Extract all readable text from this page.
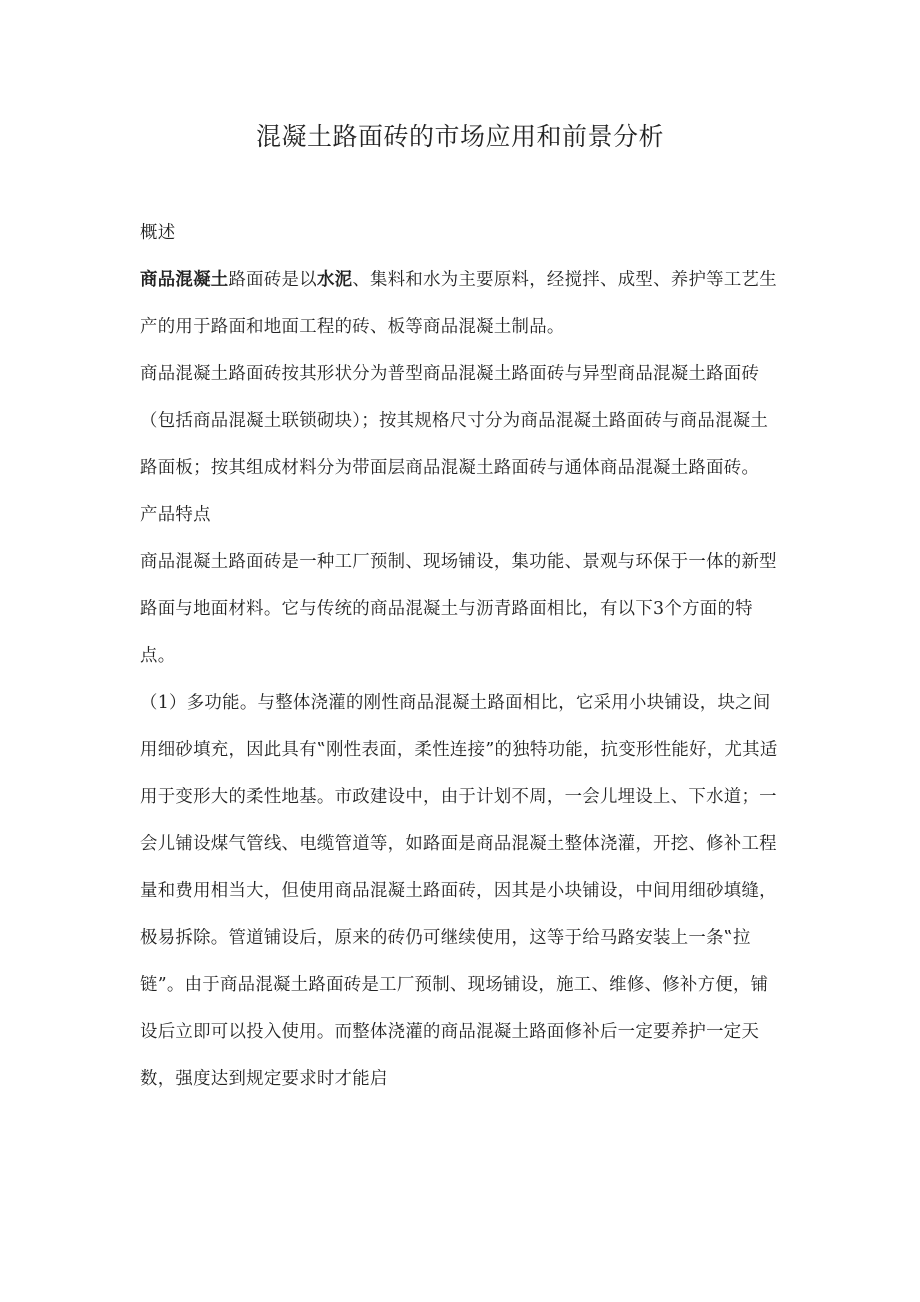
混凝土路面砖的市场应用和前景分析

概述

商品混凝土路面砖是以水泥、集料和水为主要原料，经搅拌、成型、养护等工艺生产的用于路面和地面工程的砖、板等商品混凝土制品。

商品混凝土路面砖按其形状分为普型商品混凝土路面砖与异型商品混凝土路面砖（包括商品混凝土联锁砌块）；按其规格尺寸分为商品混凝土路面砖与商品混凝土路面板；按其组成材料分为带面层商品混凝土路面砖与通体商品混凝土路面砖。

产品特点

商品混凝土路面砖是一种工厂预制、现场铺设，集功能、景观与环保于一体的新型路面与地面材料。它与传统的商品混凝土与沥青路面相比，有以下3个方面的特点。

（1）多功能。与整体浇灌的刚性商品混凝土路面相比，它采用小块铺设，块之间用细砂填充，因此具有‟刚性表面，柔性连接”的独特功能，抗变形性能好，尤其适用于变形大的柔性地基。市政建设中，由于计划不周，一会儿埋设上、下水道；一会儿铺设煤气管线、电缆管道等，如路面是商品混凝土整体浇灌，开挖、修补工程量和费用相当大，但使用商品混凝土路面砖，因其是小块铺设，中间用细砂填缝，极易拆除。管道铺设后，原来的砖仍可继续使用，这等于给马路安装上一条‟拉链”。由于商品混凝土路面砖是工厂预制、现场铺设，施工、维修、修补方便，铺设后立即可以投入使用。而整体浇灌的商品混凝土路面修补后一定要养护一定天数，强度达到规定要求时才能启
